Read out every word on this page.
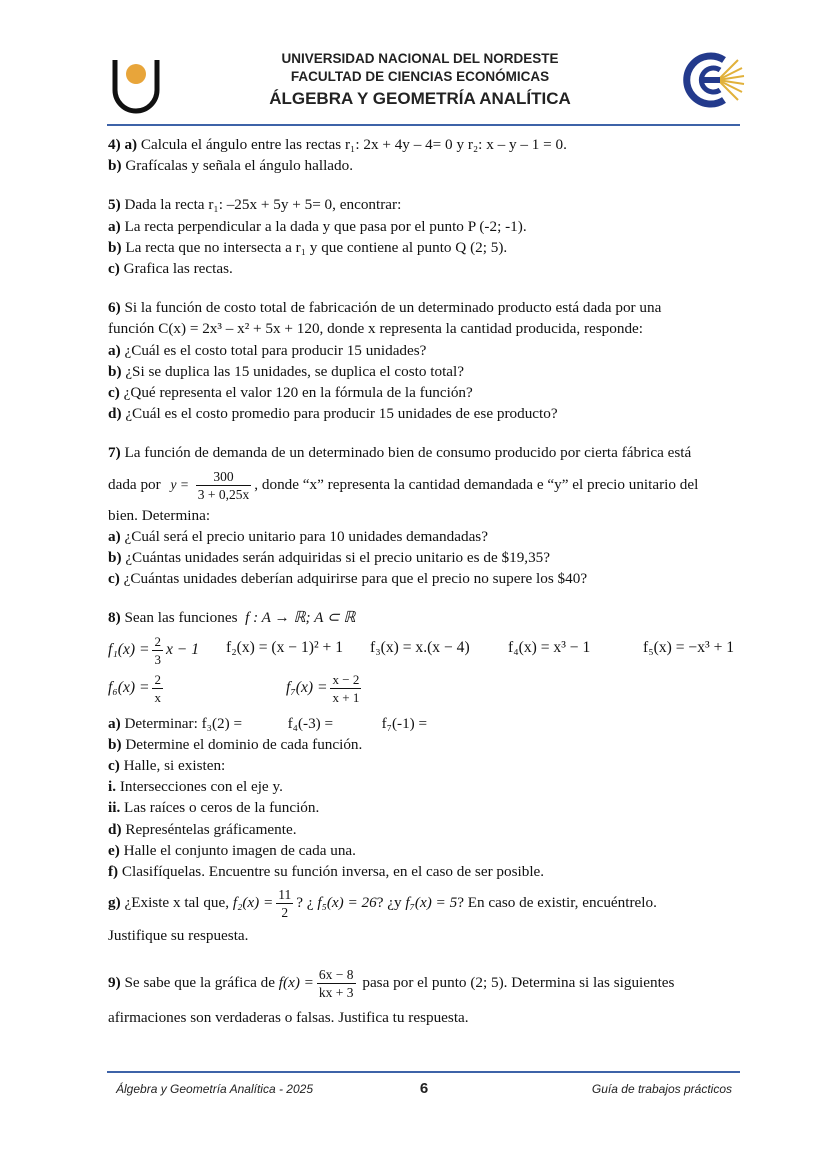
UNIVERSIDAD NACIONAL DEL NORDESTE
FACULTAD DE CIENCIAS ECONÓMICAS
ÁLGEBRA Y GEOMETRÍA ANALÍTICA

4) a) Calcula el ángulo entre las rectas r₁: 2x + 4y – 4= 0 y r₂: x – y – 1 = 0.

b) Grafícalas y señala el ángulo hallado.

5) Dada la recta r₁: –25x + 5y + 5= 0, encontrar:

a) La recta perpendicular a la dada y que pasa por el punto P (-2; -1).

b) La recta que no intersecta a r₁ y que contiene al punto Q (2; 5).

c) Grafica las rectas.

6) Si la función de costo total de fabricación de un determinado producto está dada por una

función C(x) = 2x³ – x² + 5x + 120, donde x representa la cantidad producida, responde:

a) ¿Cuál es el costo total para producir 15 unidades?

b) ¿Si se duplica las 15 unidades, se duplica el costo total?

c) ¿Qué representa el valor 120 en la fórmula de la función?

d) ¿Cuál es el costo promedio para producir 15 unidades de ese producto?

7) La función de demanda de un determinado bien de consumo producido por cierta fábrica está

dada por $y = \frac{300}{3 + 0,25x}$ , donde “x” representa la cantidad demandada e “y” el precio unitario del

bien. Determina:

a) ¿Cuál será el precio unitario para 10 unidades demandadas?

b) ¿Cuántas unidades serán adquiridas si el precio unitario es de $19,35?

c) ¿Cuántas unidades deberían adquirirse para que el precio no supere los $40?

8) Sean las funciones f : A → ℝ; A ⊂ ℝ

$f_1(x) = \frac{2}{3}$ x − 1 f₂(x) = (x − 1)² + 1 f₃(x) = x.(x − 4) f₄(x) = x³ − 1	f₅(x) = −x³ + 1
$f_6(x) = \frac{2}{x}$	$f_7(x) = \frac{x - 2}{x + 1}$

a) Determinar: f₃(2) =	f₄(-3) =	f₇(-1) =

b) Determine el dominio de cada función.

c) Halle, si existen:

i. Intersecciones con el eje y.

ii. Las raíces o ceros de la función.

d) Represéntelas gráficamente.

e) Halle el conjunto imagen de cada una.

f) Clasifíquelas. Encuentre su función inversa, en el caso de ser posible.

g) ¿Existe x tal que, $f_2(x) = \frac{11}{2}$ ? ¿ f₅(x) = 26? ¿y f₇(x) = 5? En caso de existir, encuéntrelo.

Justifique su respuesta.

9) Se sabe que la gráfica de $f(x) = \frac{6x - 8}{kx + 3}$ pasa por el punto (2; 5). Determina si las siguientes

afirmaciones son verdaderas o falsas. Justifica tu respuesta.

Álgebra y Geometría Analítica - 2025	6	Guía de trabajos prácticos
